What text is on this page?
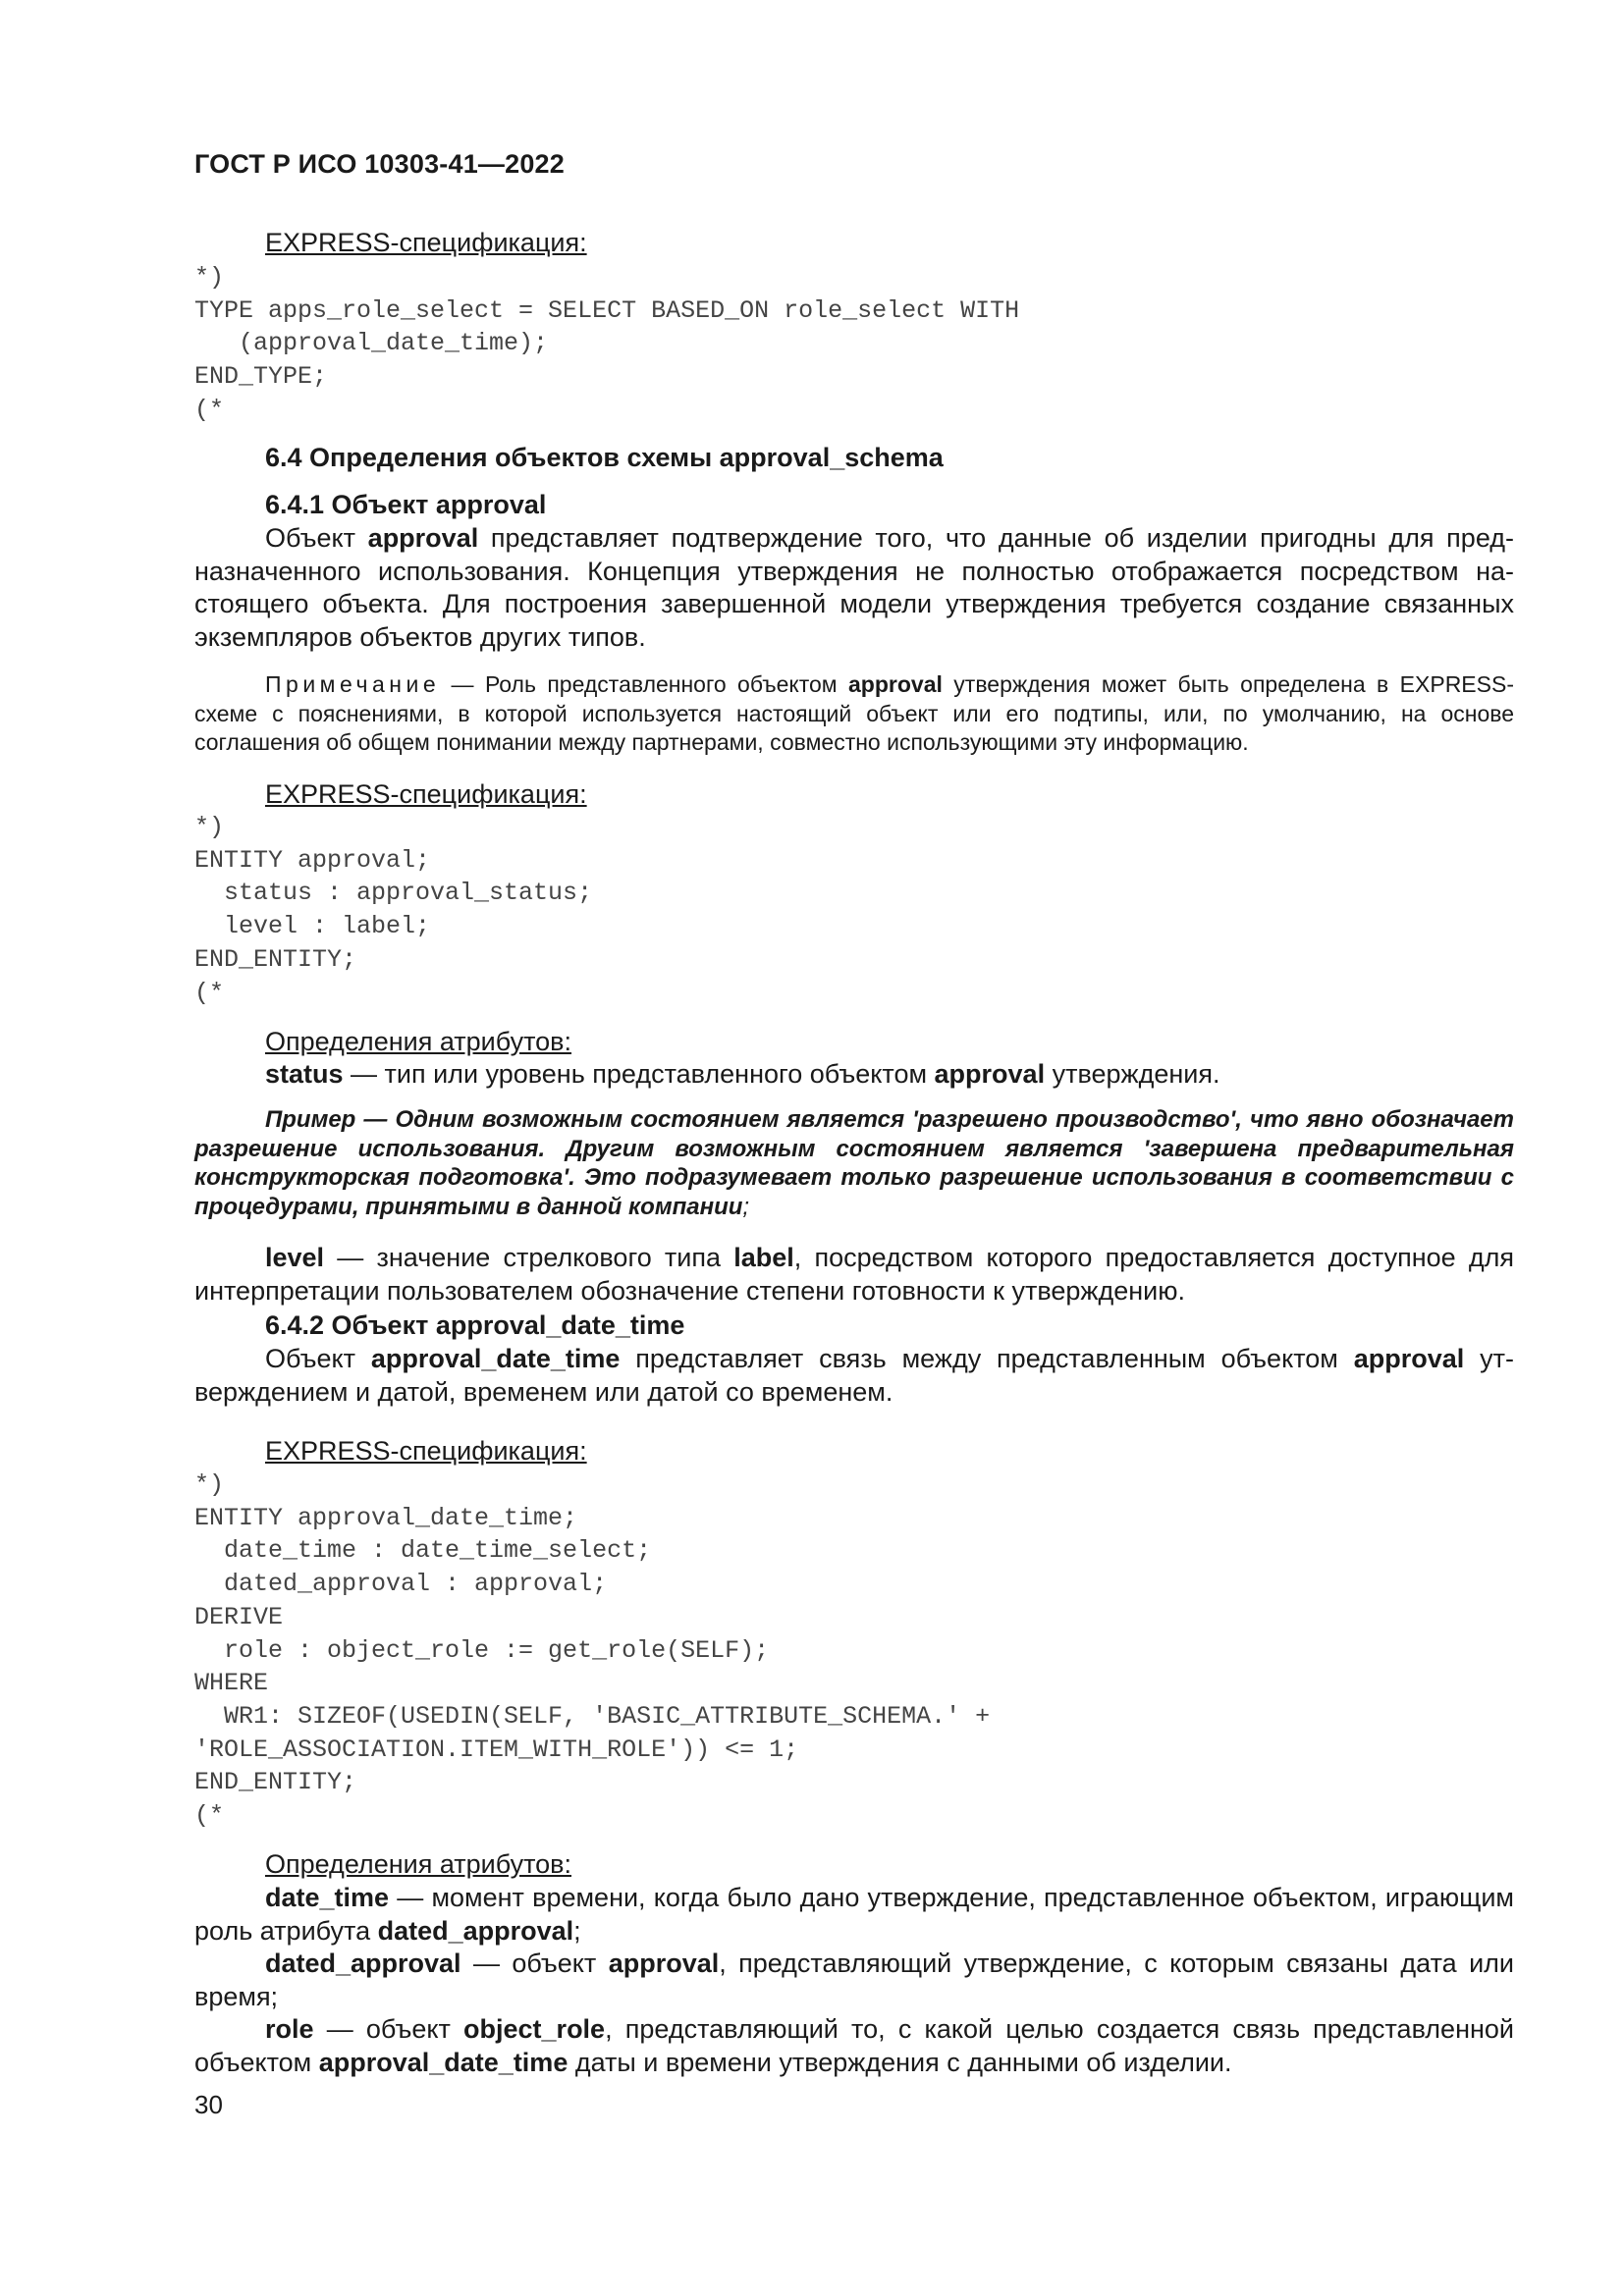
ГОСТ Р ИСО 10303-41—2022
EXPRESS-спецификация:
*)
TYPE apps_role_select = SELECT BASED_ON role_select WITH
(approval_date_time);
END_TYPE;
(*
6.4 Определения объектов схемы approval_schema
6.4.1 Объект approval
Объект approval представляет подтверждение того, что данные об изделии пригодны для предназначенного использования. Концепция утверждения не полностью отображается посредством настоящего объекта. Для построения завершенной модели утверждения требуется создание связанных экземпляров объектов других типов.
Примечание — Роль представленного объектом approval утверждения может быть определена в EXPRESS-схеме с пояснениями, в которой используется настоящий объект или его подтипы, или, по умолчанию, на основе соглашения об общем понимании между партнерами, совместно использующими эту информацию.
EXPRESS-спецификация:
*)
ENTITY approval;
status : approval_status;
level : label;
END_ENTITY;
(*
Определения атрибутов:
status — тип или уровень представленного объектом approval утверждения.
Пример — Одним возможным состоянием является 'разрешено производство', что явно обозначает разрешение использования. Другим возможным состоянием является 'завершена предварительная конструкторская подготовка'. Это подразумевает только разрешение использования в соответствии с процедурами, принятыми в данной компании;
level — значение стрелкового типа label, посредством которого предоставляется доступное для интерпретации пользователем обозначение степени готовности к утверждению.
6.4.2 Объект approval_date_time
Объект approval_date_time представляет связь между представленным объектом approval утверждением и датой, временем или датой со временем.
EXPRESS-спецификация:
*)
ENTITY approval_date_time;
date_time : date_time_select;
dated_approval : approval;
DERIVE
role : object_role := get_role(SELF);
WHERE
WR1: SIZEOF(USEDIN(SELF, 'BASIC_ATTRIBUTE_SCHEMA.' +
'ROLE_ASSOCIATION.ITEM_WITH_ROLE')) <= 1;
END_ENTITY;
(*
Определения атрибутов:
date_time — момент времени, когда было дано утверждение, представленное объектом, играющим роль атрибута dated_approval;
dated_approval — объект approval, представляющий утверждение, с которым связаны дата или время;
role — объект object_role, представляющий то, с какой целью создается связь представленной объектом approval_date_time даты и времени утверждения с данными об изделии.
30
